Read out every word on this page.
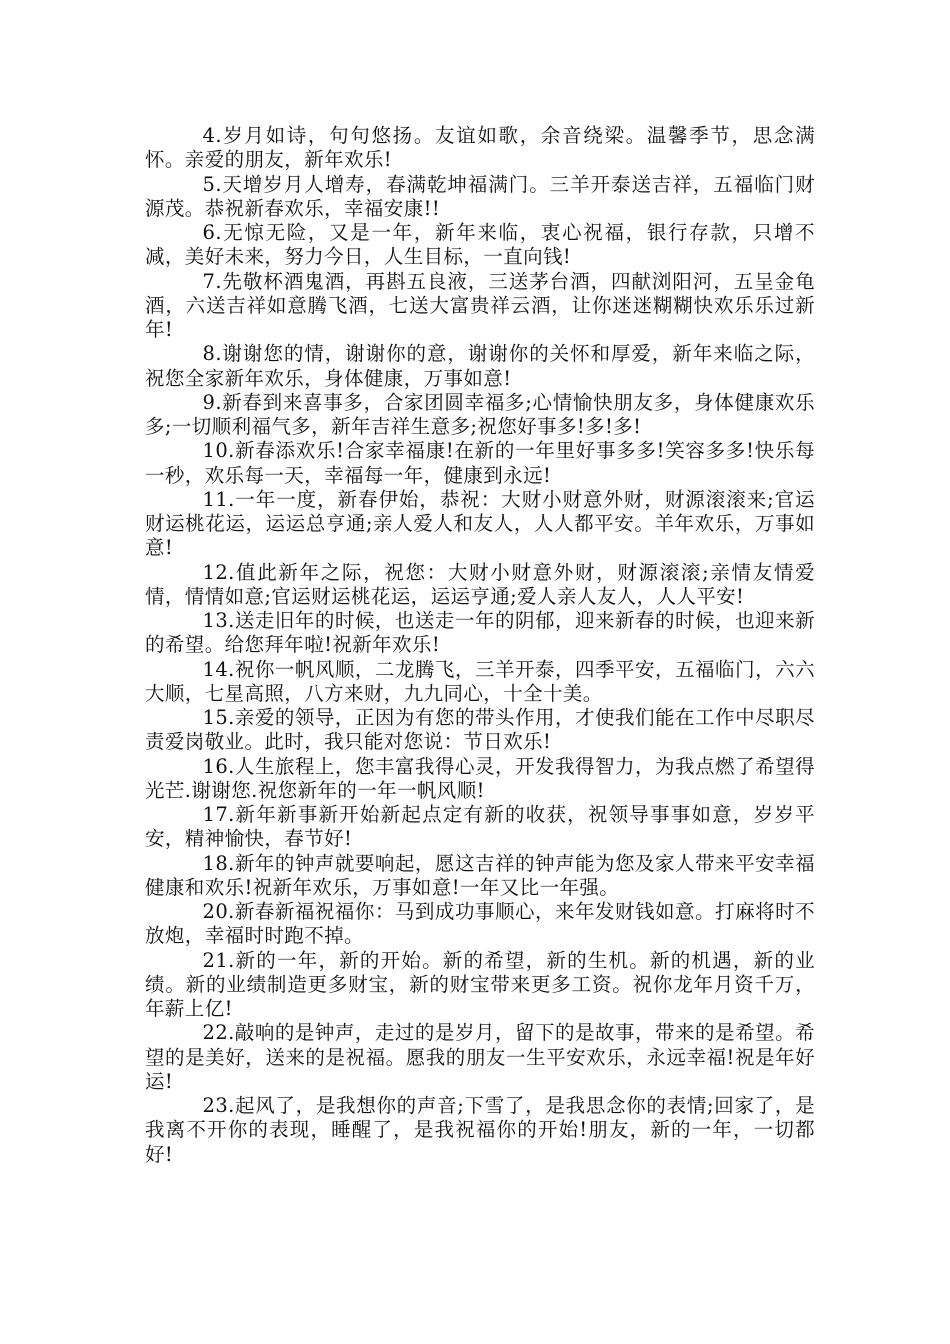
4.岁月如诗，句句悠扬。友谊如歌，余音绕梁。温馨季节，思念满怀。亲爱的朋友，新年欢乐!

5.天增岁月人增寿，春满乾坤福满门。三羊开泰送吉祥，五福临门财源茂。恭祝新春欢乐，幸福安康!!

6.无惊无险，又是一年，新年来临，衷心祝福，银行存款，只增不减，美好未来，努力今日，人生目标，一直向钱!

7.先敬杯酒鬼酒，再斟五良液，三送茅台酒，四献浏阳河，五呈金龟酒，六送吉祥如意腾飞酒，七送大富贵祥云酒，让你迷迷糊糊快欢乐乐过新年!

8.谢谢您的情，谢谢你的意，谢谢你的关怀和厚爱，新年来临之际，祝您全家新年欢乐，身体健康，万事如意!

9.新春到来喜事多，合家团圆幸福多;心情愉快朋友多，身体健康欢乐多;一切顺利福气多，新年吉祥生意多;祝您好事多!多!多!

10.新春添欢乐!合家幸福康!在新的一年里好事多多!笑容多多!快乐每一秒，欢乐每一天，幸福每一年，健康到永远!

11.一年一度，新春伊始，恭祝：大财小财意外财，财源滚滚来;官运财运桃花运，运运总亨通;亲人爱人和友人，人人都平安。羊年欢乐，万事如意!

12.值此新年之际，祝您：大财小财意外财，财源滚滚;亲情友情爱情，情情如意;官运财运桃花运，运运亨通;爱人亲人友人，人人平安!

13.送走旧年的时候，也送走一年的阴郁，迎来新春的时候，也迎来新的希望。给您拜年啦!祝新年欢乐!

14.祝你一帆风顺，二龙腾飞，三羊开泰，四季平安，五福临门，六六大顺，七星高照，八方来财，九九同心，十全十美。

15.亲爱的领导，正因为有您的带头作用，才使我们能在工作中尽职尽责爱岗敬业。此时，我只能对您说：节日欢乐!

16.人生旅程上，您丰富我得心灵，开发我得智力，为我点燃了希望得光芒.谢谢您.祝您新年的一年一帆风顺!

17.新年新事新开始新起点定有新的收获，祝领导事事如意，岁岁平安，精神愉快，春节好!

18.新年的钟声就要响起，愿这吉祥的钟声能为您及家人带来平安幸福健康和欢乐!祝新年欢乐，万事如意!一年又比一年强。

20.新春新福祝福你：马到成功事顺心，来年发财钱如意。打麻将时不放炮，幸福时时跑不掉。

21.新的一年，新的开始。新的希望，新的生机。新的机遇，新的业绩。新的业绩制造更多财宝，新的财宝带来更多工资。祝你龙年月资千万，年薪上亿!

22.敲响的是钟声，走过的是岁月，留下的是故事，带来的是希望。希望的是美好，送来的是祝福。愿我的朋友一生平安欢乐，永远幸福!祝是年好运!

23.起风了，是我想你的声音;下雪了，是我思念你的表情;回家了，是我离不开你的表现，睡醒了，是我祝福你的开始!朋友，新的一年，一切都好!
